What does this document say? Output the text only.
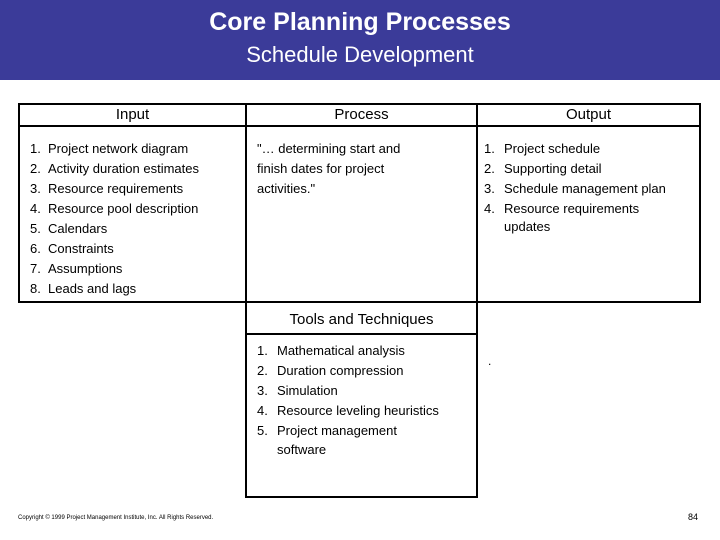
Core Planning Processes
Schedule Development
Input
1. Project network diagram
2. Activity duration estimates
3. Resource requirements
4. Resource pool description
5. Calendars
6. Constraints
7. Assumptions
8. Leads and lags
Process
"… determining start and finish dates for project activities."
Output
1. Project schedule
2. Supporting detail
3. Schedule management plan
4. Resource requirements
updates
Tools and Techniques
1. Mathematical analysis
2. Duration compression
3. Simulation
4. Resource leveling heuristics
5. Project management
software
.
Copyright © 1999 Project Management Institute, Inc. All Rights Reserved.	84
